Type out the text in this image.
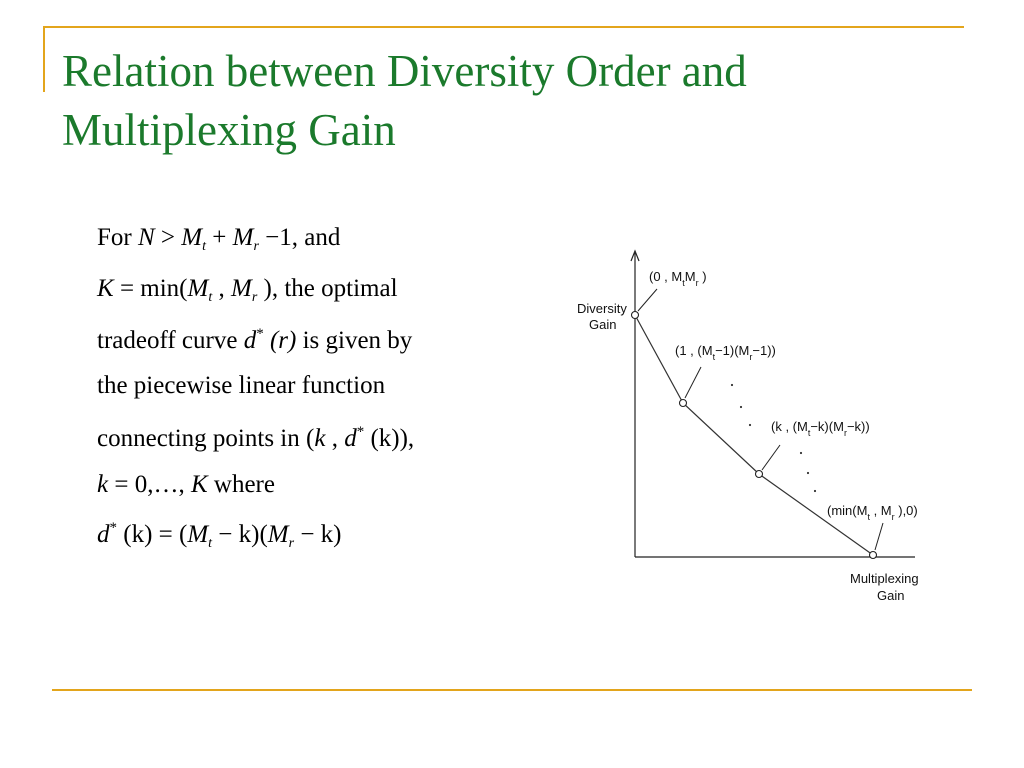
Relation between Diversity Order and
Multiplexing Gain
For $N > M_t + M_r -1$, and
$K = \min(M_t$ , $M_r$ ), the optimal
tradeoff curve d* (r) is given by
the piecewise linear function
connecting points in (k , d* (k)),
k = 0,…, K where
d* $(k) = (M_t - k)(M_r - k)$
Diversity
Gain
Multiplexing
Gain
(0 , $M_tM_r$ )
(1 , $(M_t-1)(M_r-1)$)
(k , $(M_t-k)(M_r-k)$)
($\min(M_t$ , $M_r$ ),0)
